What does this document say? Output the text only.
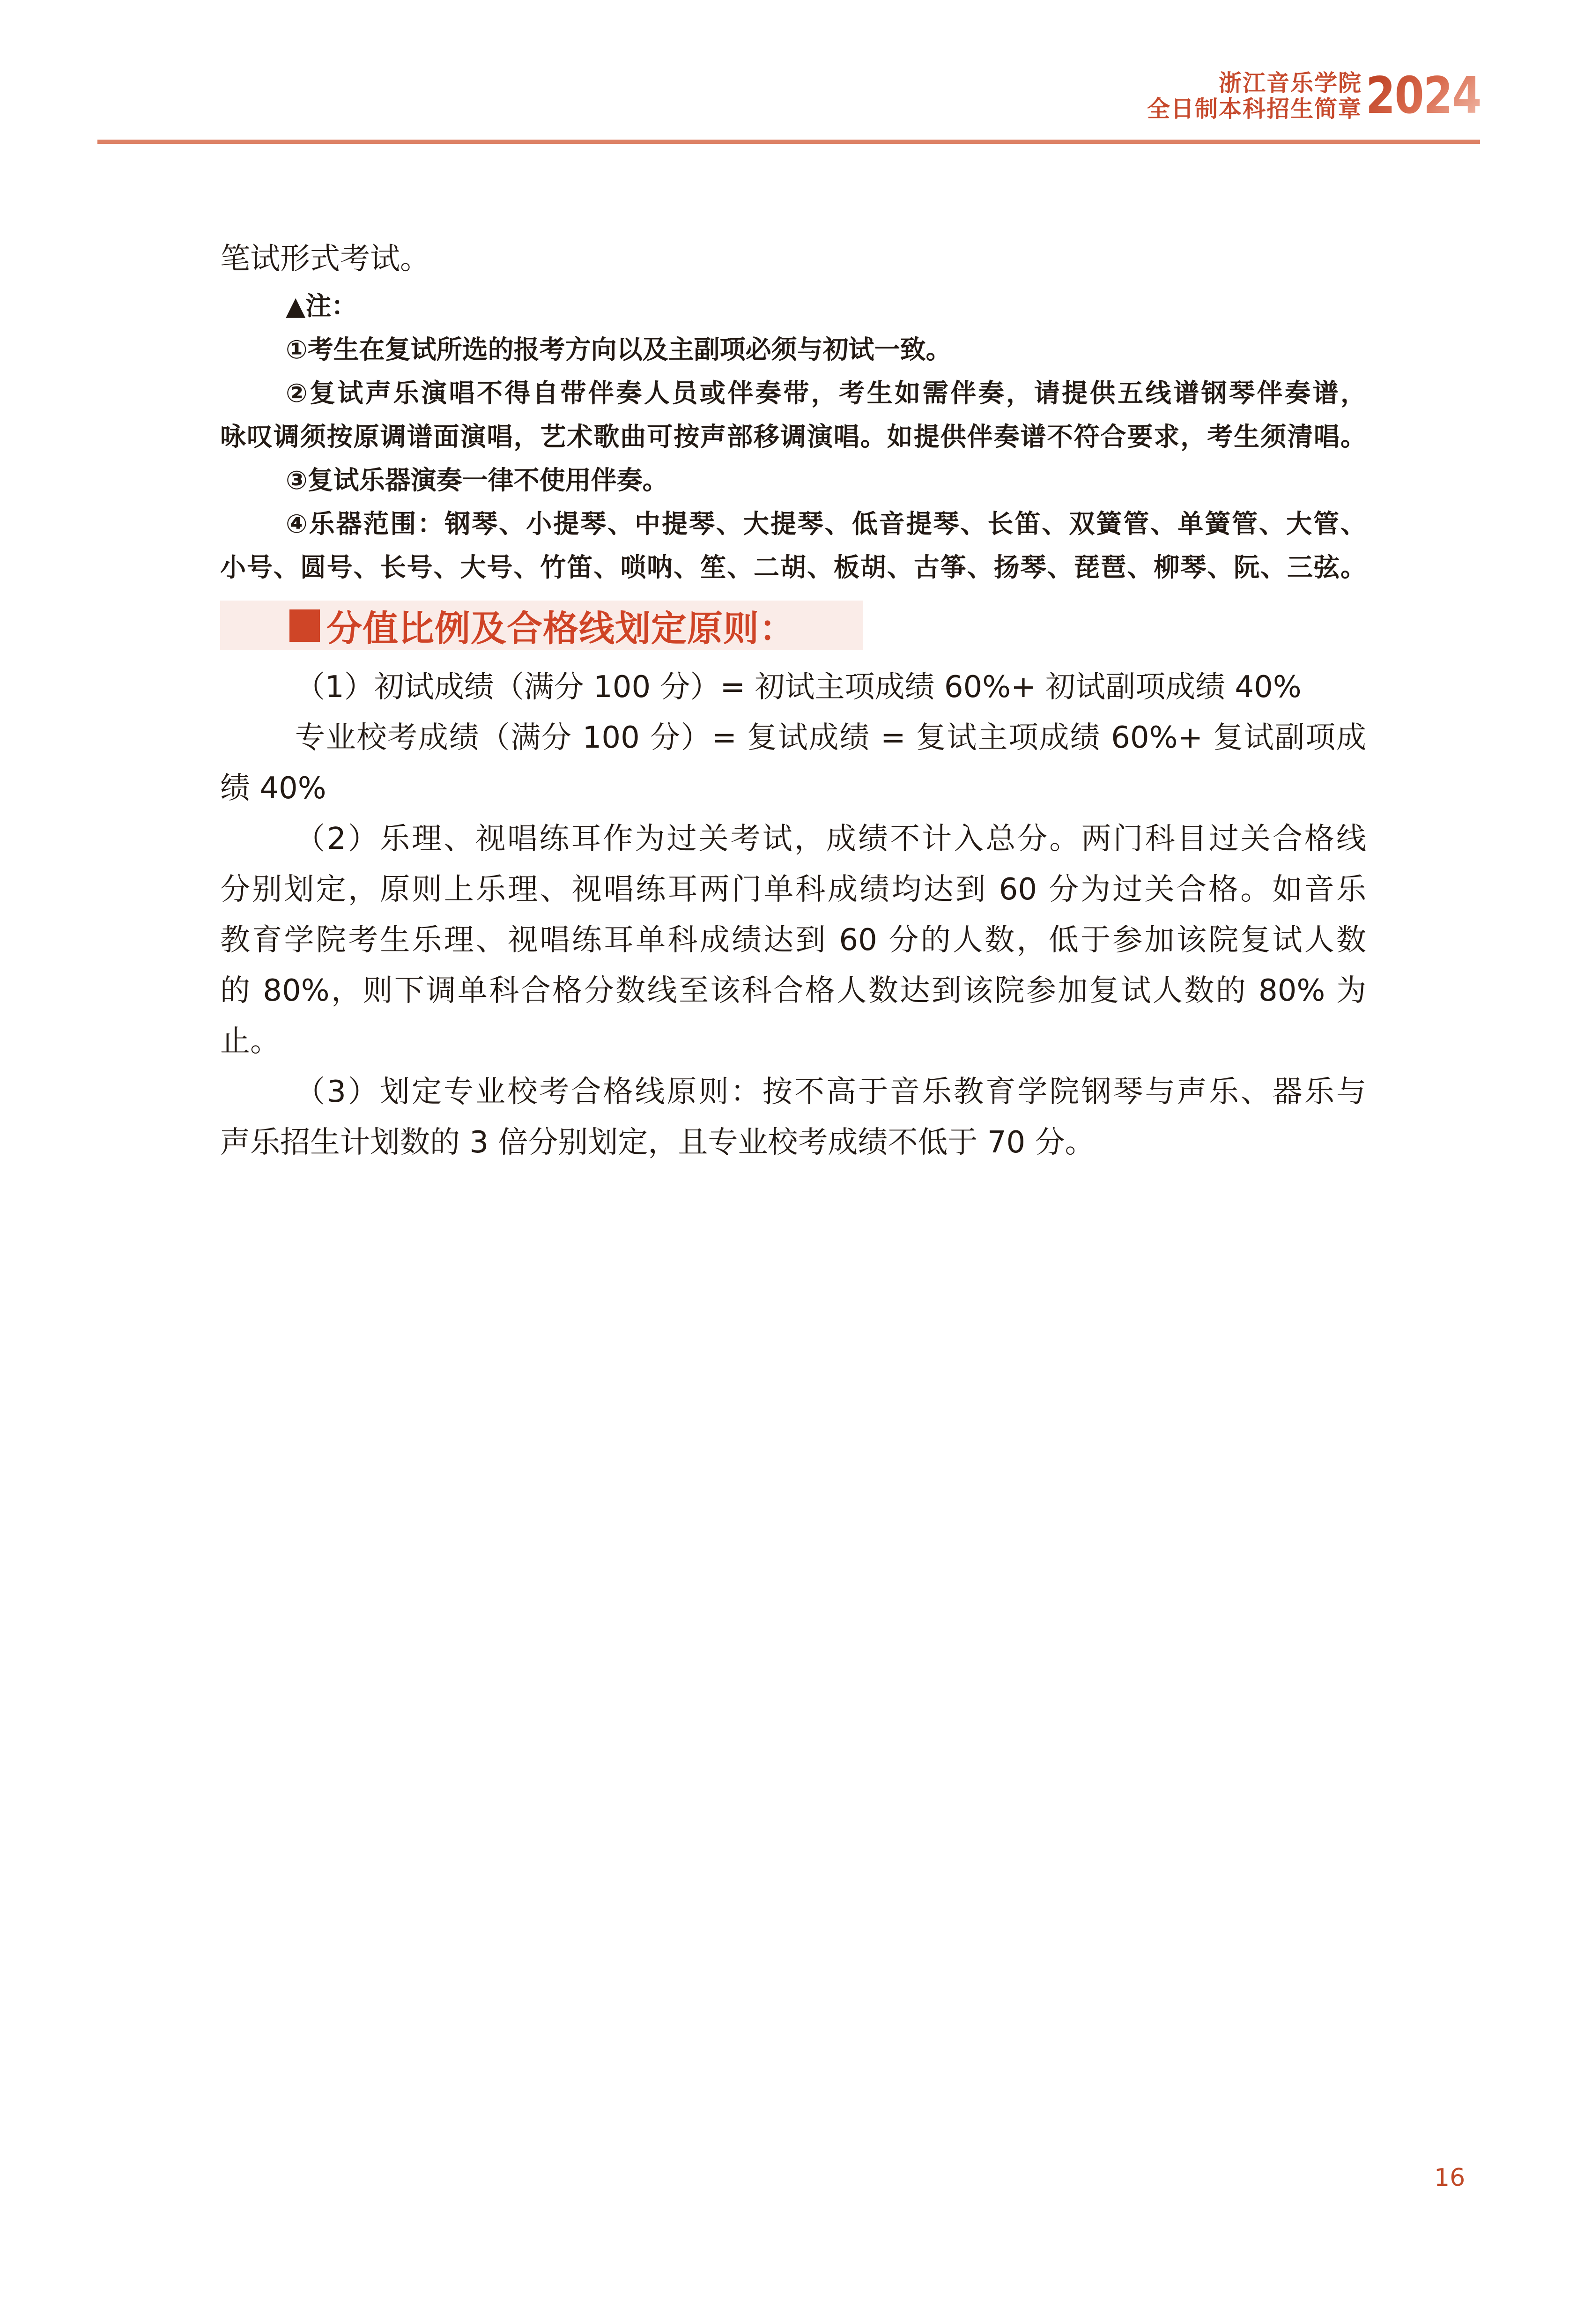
浙江音乐学院
全日制本科招生简章 2024
笔试形式考试。
▲注：
①考生在复试所选的报考方向以及主副项必须与初试一致。
②复试声乐演唱不得自带伴奏人员或伴奏带，考生如需伴奏，请提供五线谱钢琴伴奏谱，
咏叹调须按原调谱面演唱，艺术歌曲可按声部移调演唱。如提供伴奏谱不符合要求，考生须清唱。
③复试乐器演奏一律不使用伴奏。
④乐器范围：钢琴、小提琴、中提琴、大提琴、低音提琴、长笛、双簧管、单簧管、大管、
小号、圆号、长号、大号、竹笛、唢呐、笙、二胡、板胡、古筝、扬琴、琵琶、柳琴、阮、三弦。
分值比例及合格线划定原则：
（1）初试成绩（满分 100 分）= 初试主项成绩 60%+ 初试副项成绩 40%
专业校考成绩（满分 100 分）= 复试成绩 = 复试主项成绩 60%+ 复试副项成
绩 40%
（2）乐理、视唱练耳作为过关考试，成绩不计入总分。两门科目过关合格线
分别划定，原则上乐理、视唱练耳两门单科成绩均达到 60 分为过关合格。如音乐
教育学院考生乐理、视唱练耳单科成绩达到 60 分的人数，低于参加该院复试人数
的 80%，则下调单科合格分数线至该科合格人数达到该院参加复试人数的 80% 为
止。
（3）划定专业校考合格线原则：按不高于音乐教育学院钢琴与声乐、器乐与
声乐招生计划数的 3 倍分别划定，且专业校考成绩不低于 70 分。
16
